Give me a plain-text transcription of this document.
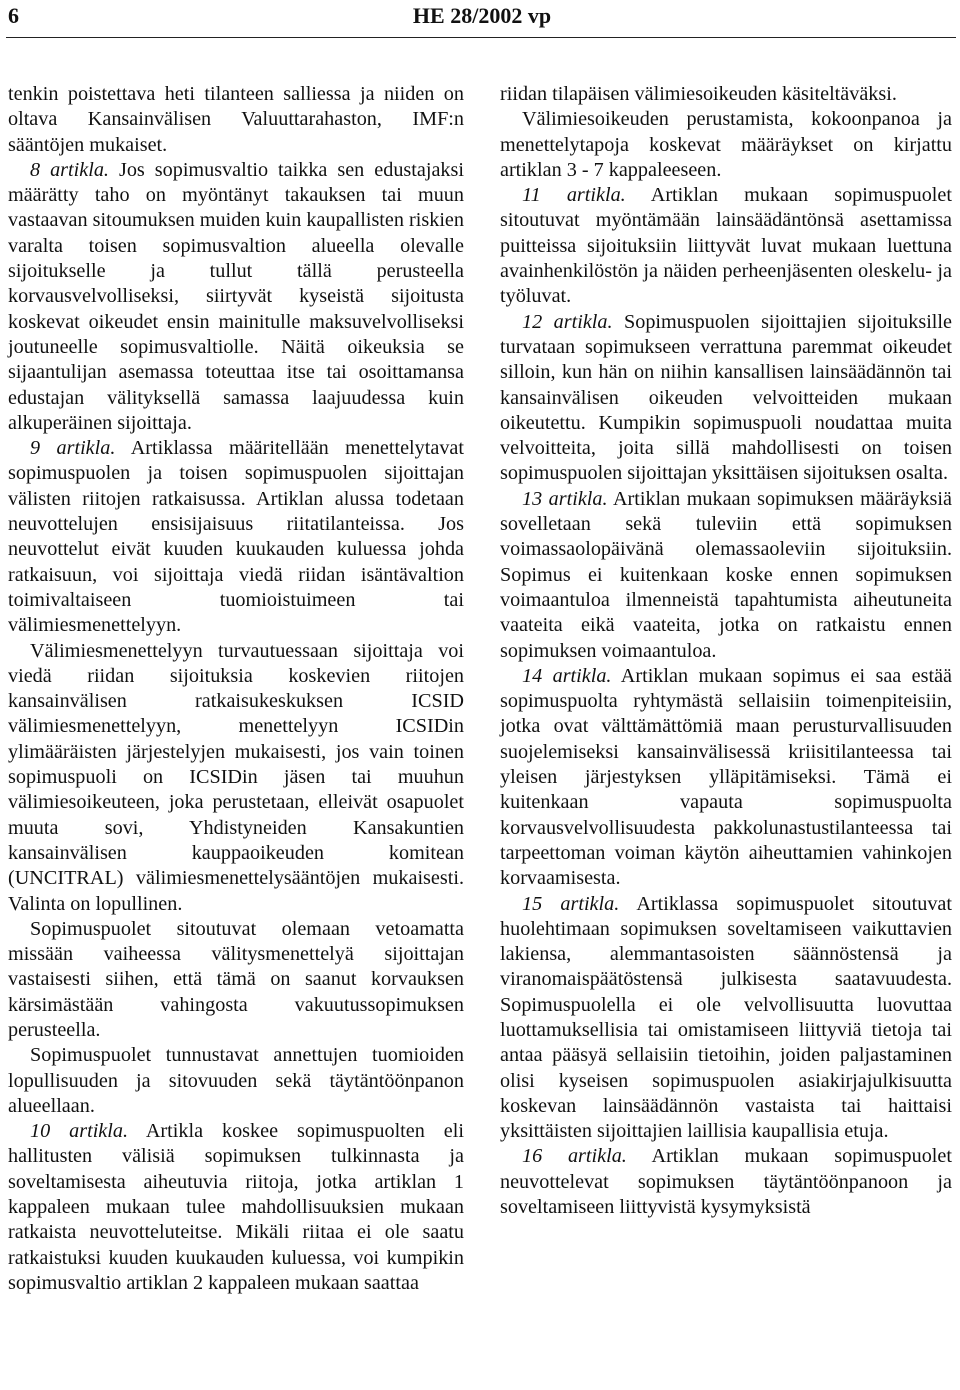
6	HE 28/2002 vp

tenkin poistettava heti tilanteen salliessa ja niiden on oltava Kansainvälisen Valuuttarahaston, IMF:n sääntöjen mukaiset.

8 artikla. Jos sopimusvaltio taikka sen edustajaksi määrätty taho on myöntänyt takauksen tai muun vastaavan sitoumuksen muiden kuin kaupallisten riskien varalta toisen sopimusvaltion alueella olevalle sijoitukselle ja tullut tällä perusteella korvausvelvolliseksi, siirtyvät kyseistä sijoitusta koskevat oikeudet ensin mainitulle maksuvelvolliseksi joutuneelle sopimusvaltiolle. Näitä oikeuksia se sijaantulijan asemassa toteuttaa itse tai osoittamansa edustajan välityksellä samassa laajuudessa kuin alkuperäinen sijoittaja.

9 artikla. Artiklassa määritellään menettelytavat sopimuspuolen ja toisen sopimuspuolen sijoittajan välisten riitojen ratkaisussa. Artiklan alussa todetaan neuvottelujen ensisijaisuus riitatilanteissa. Jos neuvottelut eivät kuuden kuukauden kuluessa johda ratkaisuun, voi sijoittaja viedä riidan isäntävaltion toimivaltaiseen tuomioistuimeen tai välimiesmenettelyyn.

Välimiesmenettelyyn turvautuessaan sijoittaja voi viedä riidan sijoituksia koskevien riitojen kansainvälisen ratkaisukeskuksen ICSID välimiesmenettelyyn, menettelyyn ICSIDin ylimääräisten järjestelyjen mukaisesti, jos vain toinen sopimuspuoli on ICSIDin jäsen tai muuhun välimiesoikeuteen, joka perustetaan, elleivät osapuolet muuta sovi, Yhdistyneiden Kansakuntien kansainvälisen kauppaoikeuden komitean (UNCITRAL) välimiesmenettelysääntöjen mukaisesti. Valinta on lopullinen.

Sopimuspuolet sitoutuvat olemaan vetoamatta missään vaiheessa välitysmenettelyä sijoittajan vastaisesti siihen, että tämä on saanut korvauksen kärsimästään vahingosta vakuutussopimuksen perusteella.

Sopimuspuolet tunnustavat annettujen tuomioiden lopullisuuden ja sitovuuden sekä täytäntöönpanon alueellaan.

10 artikla. Artikla koskee sopimuspuolten eli hallitusten välisiä sopimuksen tulkinnasta ja soveltamisesta aiheutuvia riitoja, jotka artiklan 1 kappaleen mukaan tulee mahdollisuuksien mukaan ratkaista neuvotteluteitse. Mikäli riitaa ei ole saatu ratkaistuksi kuuden kuukauden kuluessa, voi kumpikin sopimusvaltio artiklan 2 kappaleen mukaan saattaa

riidan tilapäisen välimiesoikeuden käsiteltäväksi.

Välimiesoikeuden perustamista, kokoonpanoa ja menettelytapoja koskevat määräykset on kirjattu artiklan 3 - 7 kappaleeseen.

11 artikla. Artiklan mukaan sopimuspuolet sitoutuvat myöntämään lainsäädäntönsä asettamissa puitteissa sijoituksiin liittyvät luvat mukaan luettuna avainhenkilöstön ja näiden perheenjäsenten oleskelu- ja työluvat.

12 artikla. Sopimuspuolen sijoittajien sijoituksille turvataan sopimukseen verrattuna paremmat oikeudet silloin, kun hän on niihin kansallisen lainsäädännön tai kansainvälisen oikeuden velvoitteiden mukaan oikeutettu. Kumpikin sopimuspuoli noudattaa muita velvoitteita, joita sillä mahdollisesti on toisen sopimuspuolen sijoittajan yksittäisen sijoituksen osalta.

13 artikla. Artiklan mukaan sopimuksen määräyksiä sovelletaan sekä tuleviin että sopimuksen voimassaolopäivänä olemassaoleviin sijoituksiin. Sopimus ei kuitenkaan koske ennen sopimuksen voimaantuloa ilmenneistä tapahtumista aiheutuneita vaateita eikä vaateita, jotka on ratkaistu ennen sopimuksen voimaantuloa.

14 artikla. Artiklan mukaan sopimus ei saa estää sopimuspuolta ryhtymästä sellaisiin toimenpiteisiin, jotka ovat välttämättömiä maan perusturvallisuuden suojelemiseksi kansainvälisessä kriisitilanteessa tai yleisen järjestyksen ylläpitämiseksi. Tämä ei kuitenkaan vapauta sopimuspuolta korvausvelvollisuudesta pakkolunastustilanteessa tai tarpeettoman voiman käytön aiheuttamien vahinkojen korvaamisesta.

15 artikla. Artiklassa sopimuspuolet sitoutuvat huolehtimaan sopimuksen soveltamiseen vaikuttavien lakiensa, alemmantasoisten säännöstensä ja viranomaispäätöstensä julkisesta saatavuudesta. Sopimuspuolella ei ole velvollisuutta luovuttaa luottamuksellisia tai omistamiseen liittyviä tietoja tai antaa pääsyä sellaisiin tietoihin, joiden paljastaminen olisi kyseisen sopimuspuolen asiakirjajulkisuutta koskevan lainsäädännön vastaista tai haittaisi yksittäisten sijoittajien laillisia kaupallisia etuja.

16 artikla. Artiklan mukaan sopimuspuolet neuvottelevat sopimuksen täytäntöönpanoon ja soveltamiseen liittyvistä kysymyksistä
